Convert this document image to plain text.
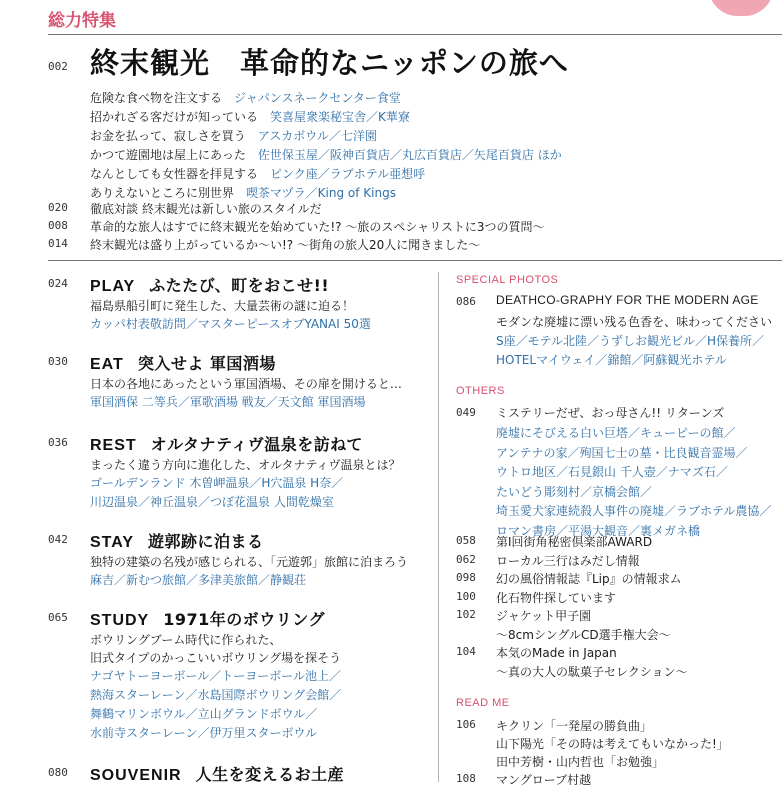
総力特集
002 終末観光　革命的なニッポンの旅へ
危険な食べ物を注文する ジャパンスネークセンター食堂
招かれざる客だけが知っている 笑喜屋衆楽秘宝舎／K華寮
お金を払って、寂しさを買う アスカボウル／七洋園
かつて遊園地は屋上にあった 佐世保玉屋／阪神百貨店／丸広百貨店／矢尾百貨店 ほか
なんとしても女性器を拝見する ピンク座／ラブホテル亜想呼
ありえないところに別世界 喫茶マヅラ／King of Kings
020 徹底対談 終末観光は新しい旅のスタイルだ
008 革命的な旅人はすでに終末観光を始めていた!? 〜旅のスペシャリストに3つの質問〜
014 終末観光は盛り上がっているか〜い!? 〜街角の旅人20人に聞きました〜
024 PLAY ふたたび、町をおこせ!!
福島県船引町に発生した、大量芸術の謎に迫る！
カッパ村表敬訪問／マスターピースオブYANAI 50選
030 EAT 突入せよ 軍国酒場
日本の各地にあったという軍国酒場、その扉を開けると…
軍国酒保 二等兵／軍歌酒場 戦友／天文館 軍国酒場
036 REST オルタナティヴ温泉を訪ねて
まったく違う方向に進化した、オルタナティヴ温泉とは？
ゴールデンランド 木曽岬温泉／H穴温泉 H奈／
川辺温泉／神丘温泉／つぼ花温泉 人間乾燥室
042 STAY 遊郭跡に泊まる
独特の建築の名残が感じられる、「元遊郭」旅館に泊まろう
麻吉／新むつ旅館／多津美旅館／静観荘
065 STUDY 1971年のボウリング
ボウリングブーム時代に作られた、
旧式タイプのかっこいいボウリング場を探そう
ナゴヤトーヨーボール／トーヨーボール池上／
熱海スターレーン／水島国際ボウリング会館／
舞鶴マリンボウル／立山グランドボウル／
水前寺スターレーン／伊万里スターボウル
080 SOUVENIR 人生を変えるお土産
SPECIAL PHOTOS
086 DEATHCO-GRAPHY FOR THE MODERN AGE
モダンな廃墟に漂い残る色香を、味わってください
S座／モテル北陸／うずしお観光ビル／H保養所／
HOTELマイウェイ／錦館／阿蘇観光ホテル
OTHERS
049 ミステリーだぜ、おっ母さん!! リターンズ
廃墟にそびえる白い巨塔／キューピーの館／
アンテナの家／殉国七士の墓・比良観音霊場／
ウトロ地区／石見銀山 千人壺／ナマズ石／
たいどう彫刻村／京橋会館／
埼玉愛犬家連続殺人事件の廃墟／ラブホテル農協／
ロマン書房／平湯大観音／裏メガネ橋
058 第Ⅰ回街角秘密倶楽部AWARD
062 ローカル三行はみだし情報
098 幻の風俗情報誌『Lip』の情報求ム
100 化石物件探しています
102 ジャケット甲子園
〜8cmシングルCD選手権大会〜
104 本気のMade in Japan
〜真の大人の駄菓子セレクション〜
READ ME
106 キクリン「一発屋の勝負曲」
山下陽光「その時は考えてもいなかった!」
田中芳樹・山内哲也「お勉強」
108 マングローブ村越
